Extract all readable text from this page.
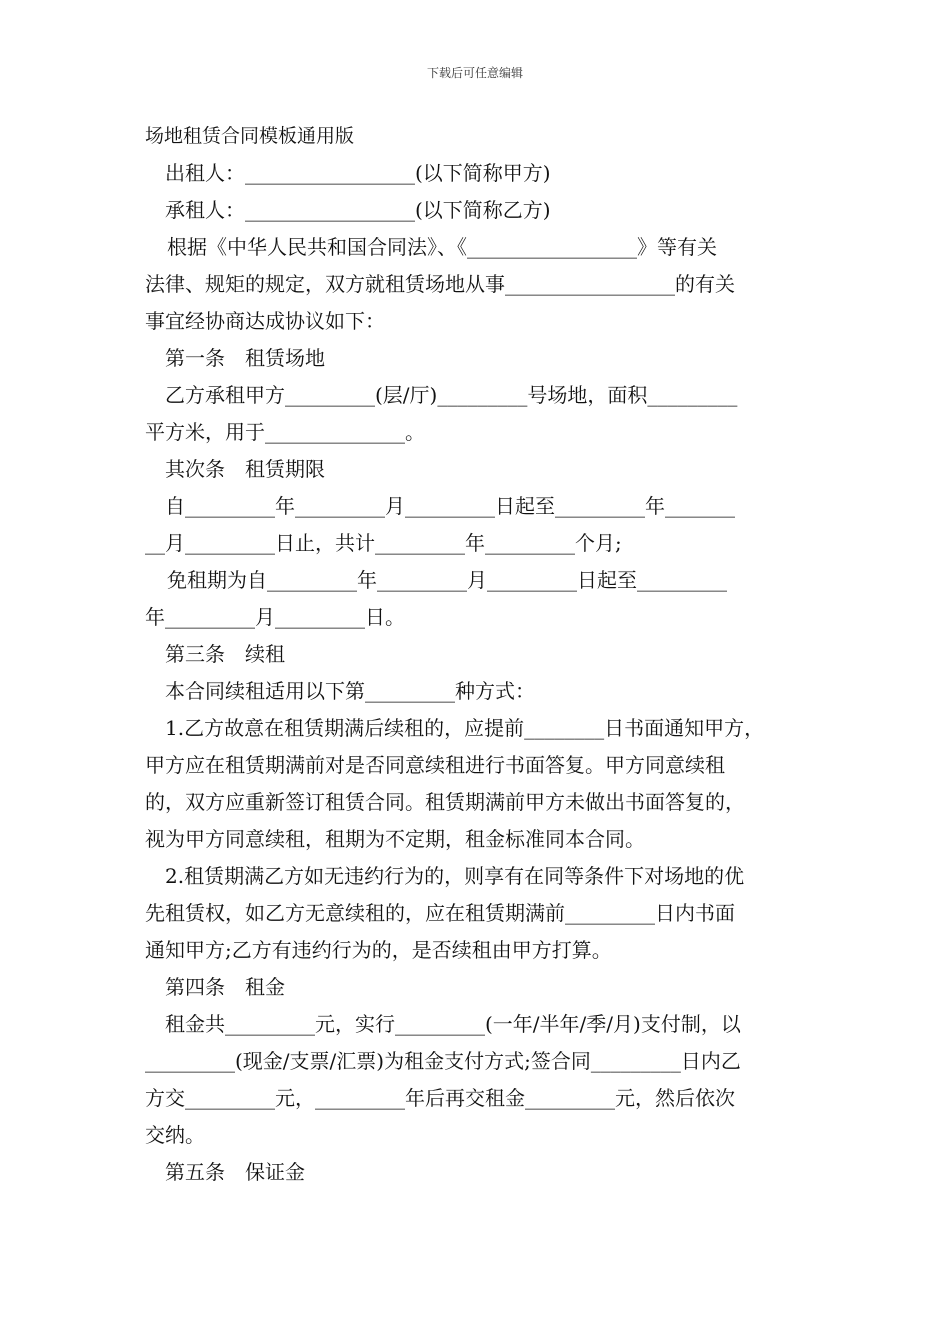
下载后可任意编辑
场地租赁合同模板通用版
出租人：_________________(以下简称甲方)
承租人：_________________(以下简称乙方)
根据《中华人民共和国合同法》、《_________________》等有关
法律、规矩的规定，双方就租赁场地从事_________________的有关
事宜经协商达成协议如下：
第一条　租赁场地
乙方承租甲方_________(层/厅)_________号场地，面积_________
平方米，用于______________。
其次条　租赁期限
自_________年_________月_________日起至_________年_______
__月_________日止，共计_________年_________个月;
免租期为自_________年_________月_________日起至_________
年_________月_________日。
第三条　续租
本合同续租适用以下第_________种方式：
1.乙方故意在租赁期满后续租的，应提前________日书面通知甲方，
甲方应在租赁期满前对是否同意续租进行书面答复。甲方同意续租
的，双方应重新签订租赁合同。租赁期满前甲方未做出书面答复的，
视为甲方同意续租，租期为不定期，租金标准同本合同。
2.租赁期满乙方如无违约行为的，则享有在同等条件下对场地的优
先租赁权，如乙方无意续租的，应在租赁期满前_________日内书面
通知甲方;乙方有违约行为的，是否续租由甲方打算。
第四条　租金
租金共_________元，实行_________(一年/半年/季/月)支付制，以
_________(现金/支票/汇票)为租金支付方式;签合同_________日内乙
方交_________元，_________年后再交租金_________元，然后依次
交纳。
第五条　保证金
